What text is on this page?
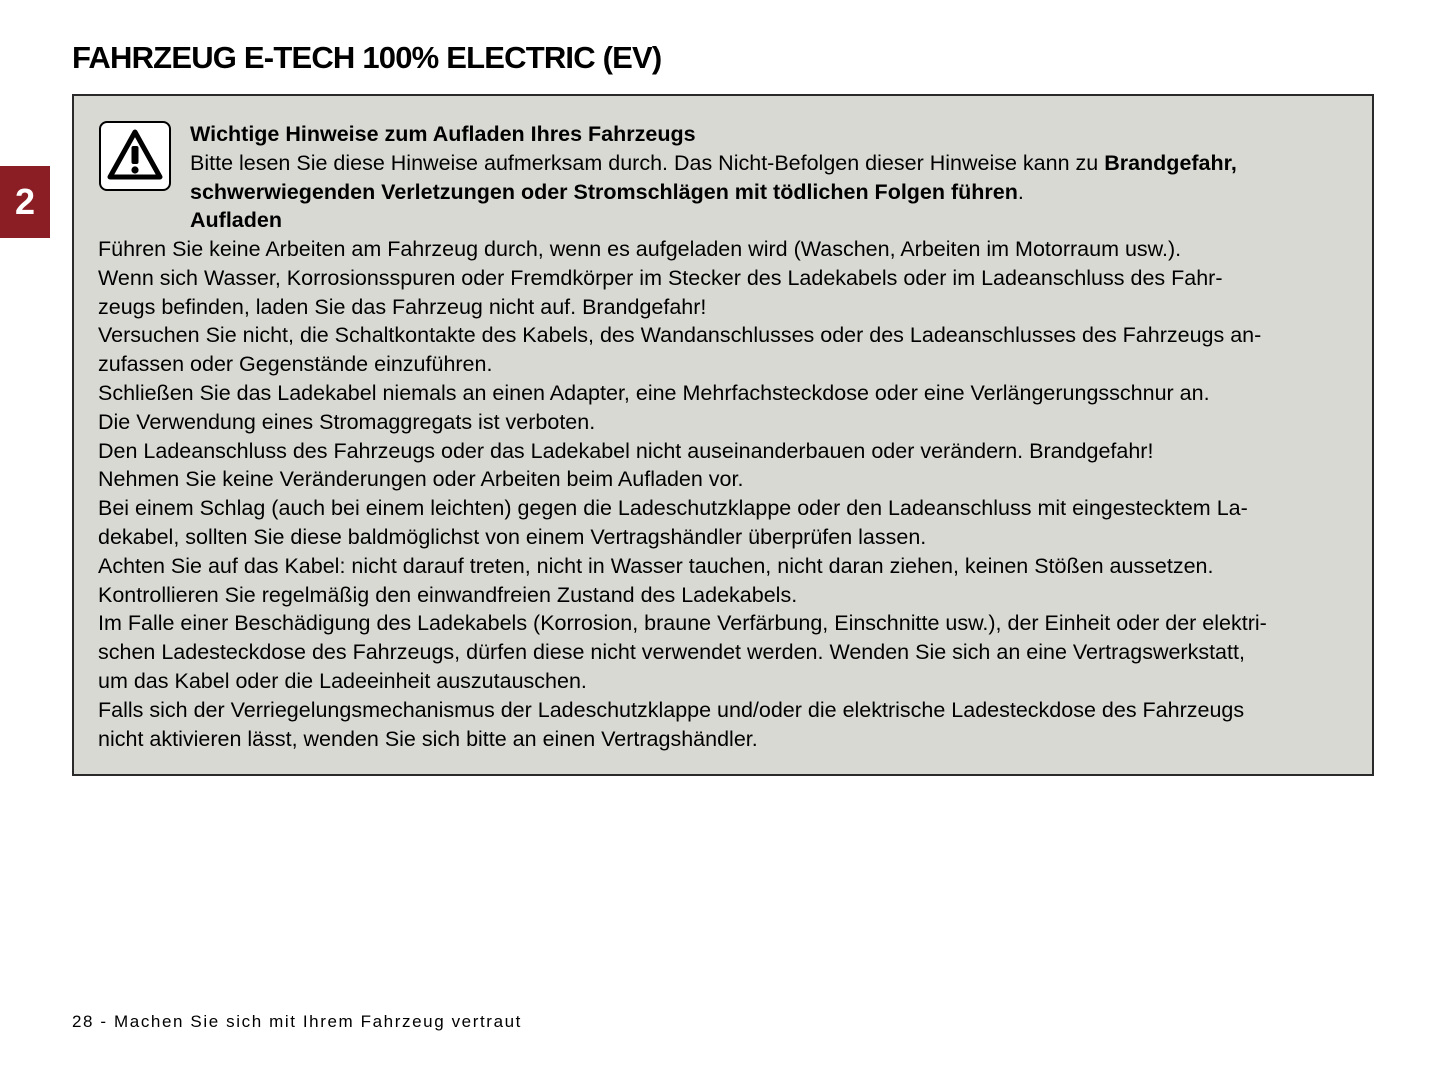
FAHRZEUG E-TECH 100% ELECTRIC (EV)
2
Wichtige Hinweise zum Aufladen Ihres Fahrzeugs
Bitte lesen Sie diese Hinweise aufmerksam durch. Das Nicht-Befolgen dieser Hinweise kann zu Brandgefahr,
schwerwiegenden Verletzungen oder Stromschlägen mit tödlichen Folgen führen.
Aufladen
Führen Sie keine Arbeiten am Fahrzeug durch, wenn es aufgeladen wird (Waschen, Arbeiten im Motorraum usw.).
Wenn sich Wasser, Korrosionsspuren oder Fremdkörper im Stecker des Ladekabels oder im Ladeanschluss des Fahr-
zeugs befinden, laden Sie das Fahrzeug nicht auf. Brandgefahr!
Versuchen Sie nicht, die Schaltkontakte des Kabels, des Wandanschlusses oder des Ladeanschlusses des Fahrzeugs an-
zufassen oder Gegenstände einzuführen.
Schließen Sie das Ladekabel niemals an einen Adapter, eine Mehrfachsteckdose oder eine Verlängerungsschnur an.
Die Verwendung eines Stromaggregats ist verboten.
Den Ladeanschluss des Fahrzeugs oder das Ladekabel nicht auseinanderbauen oder verändern. Brandgefahr!
Nehmen Sie keine Veränderungen oder Arbeiten beim Aufladen vor.
Bei einem Schlag (auch bei einem leichten) gegen die Ladeschutzklappe oder den Ladeanschluss mit eingestecktem La-
dekabel, sollten Sie diese baldmöglichst von einem Vertragshändler überprüfen lassen.
Achten Sie auf das Kabel: nicht darauf treten, nicht in Wasser tauchen, nicht daran ziehen, keinen Stößen aussetzen.
Kontrollieren Sie regelmäßig den einwandfreien Zustand des Ladekabels.
Im Falle einer Beschädigung des Ladekabels (Korrosion, braune Verfärbung, Einschnitte usw.), der Einheit oder der elektri-
schen Ladesteckdose des Fahrzeugs, dürfen diese nicht verwendet werden. Wenden Sie sich an eine Vertragswerkstatt,
um das Kabel oder die Ladeeinheit auszutauschen.
Falls sich der Verriegelungsmechanismus der Ladeschutzklappe und/oder die elektrische Ladesteckdose des Fahrzeugs
nicht aktivieren lässt, wenden Sie sich bitte an einen Vertragshändler.
28 - Machen Sie sich mit Ihrem Fahrzeug vertraut
